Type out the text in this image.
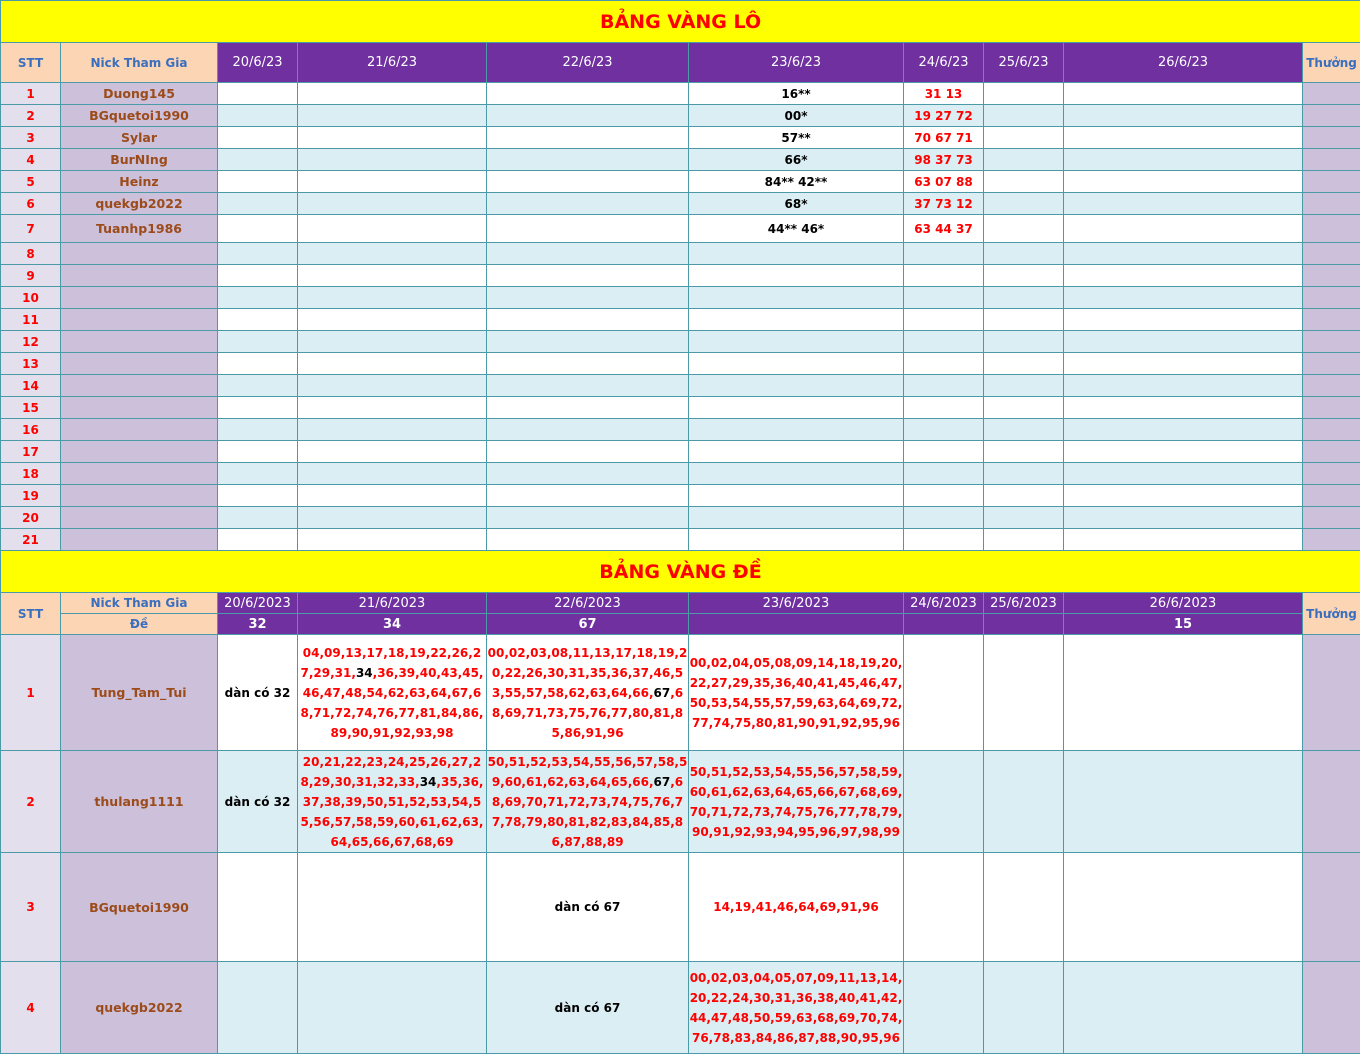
BẢNG VÀNG LÔ									
STT	Nick Tham Gia	20/6/23	21/6/23	22/6/23	23/6/23	24/6/23	25/6/23	26/6/23	Thưởng
1	Duong145				16**	31 13			
2	BGquetoi1990				00*	19 27 72			
3	Sylar				57**	70 67 71			
4	BurNIng				66*	98 37 73			
5	Heinz				84** 42**	63 07 88			
6	quekgb2022				68*	37 73 12			
7	Tuanhp1986				44** 46*	63 44 37			
8									
9									
10									
11									
12									
13									
14									
15									
16									
17									
18									
19									
20									
21									
BẢNG VÀNG ĐỀ									
STT	Nick Tham Gia	20/6/2023	21/6/2023	22/6/2023	23/6/2023	24/6/2023	25/6/2023	26/6/2023	Thưởng
	Đề	32	34	67				15	
1	Tung_Tam_Tui	dàn có 32	04,09,13,17,18,19,22,26,27,29,31,34,36,39,40,43,45,46,47,48,54,62,63,64,67,68,71,72,74,76,77,81,84,86,89,90,91,92,93,98	00,02,03,08,11,13,17,18,19,20,22,26,30,31,35,36,37,46,53,55,57,58,62,63,64,66,67,68,69,71,73,75,76,77,80,81,85,86,91,96	00,02,04,05,08,09,14,18,19,20,22,27,29,35,36,40,41,45,46,47,50,53,54,55,57,59,63,64,69,72,77,74,75,80,81,90,91,92,95,96				
2	thulang1111	dàn có 32	20,21,22,23,24,25,26,27,28,29,30,31,32,33,34,35,36,37,38,39,50,51,52,53,54,55,56,57,58,59,60,61,62,63,64,65,66,67,68,69	50,51,52,53,54,55,56,57,58,59,60,61,62,63,64,65,66,67,68,69,70,71,72,73,74,75,76,77,78,79,80,81,82,83,84,85,86,87,88,89	50,51,52,53,54,55,56,57,58,59,60,61,62,63,64,65,66,67,68,69,70,71,72,73,74,75,76,77,78,79,90,91,92,93,94,95,96,97,98,99				
3	BGquetoi1990			dàn có 67	14,19,41,46,64,69,91,96				
4	quekgb2022			dàn có 67	00,02,03,04,05,07,09,11,13,14,20,22,24,30,31,36,38,40,41,42,44,47,48,50,59,63,68,69,70,74,76,78,83,84,86,87,88,90,95,96				
